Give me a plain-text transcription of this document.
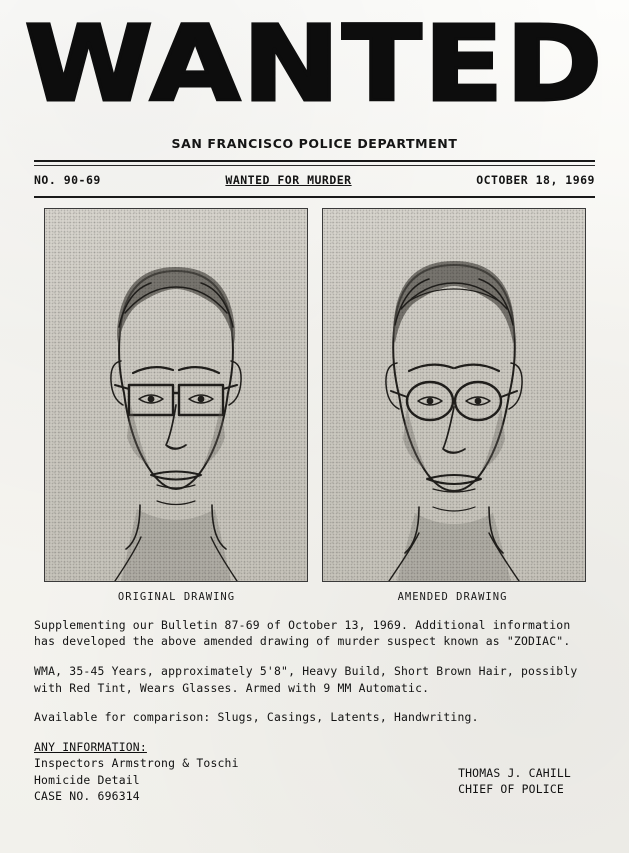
WANTED
SAN FRANCISCO POLICE DEPARTMENT
NO. 90-69	WANTED FOR MURDER	OCTOBER 18, 1969
ORIGINAL DRAWING	AMENDED DRAWING

Supplementing our Bulletin 87-69 of October 13, 1969. Additional information has developed the above amended drawing of murder suspect known as "ZODIAC".

WMA, 35-45 Years, approximately 5'8", Heavy Build, Short Brown Hair, possibly with Red Tint, Wears Glasses. Armed with 9 MM Automatic.

Available for comparison: Slugs, Casings, Latents, Handwriting.

ANY INFORMATION:
Inspectors Armstrong & Toschi
Homicide Detail
CASE NO. 696314
THOMAS J. CAHILL
CHIEF OF POLICE
